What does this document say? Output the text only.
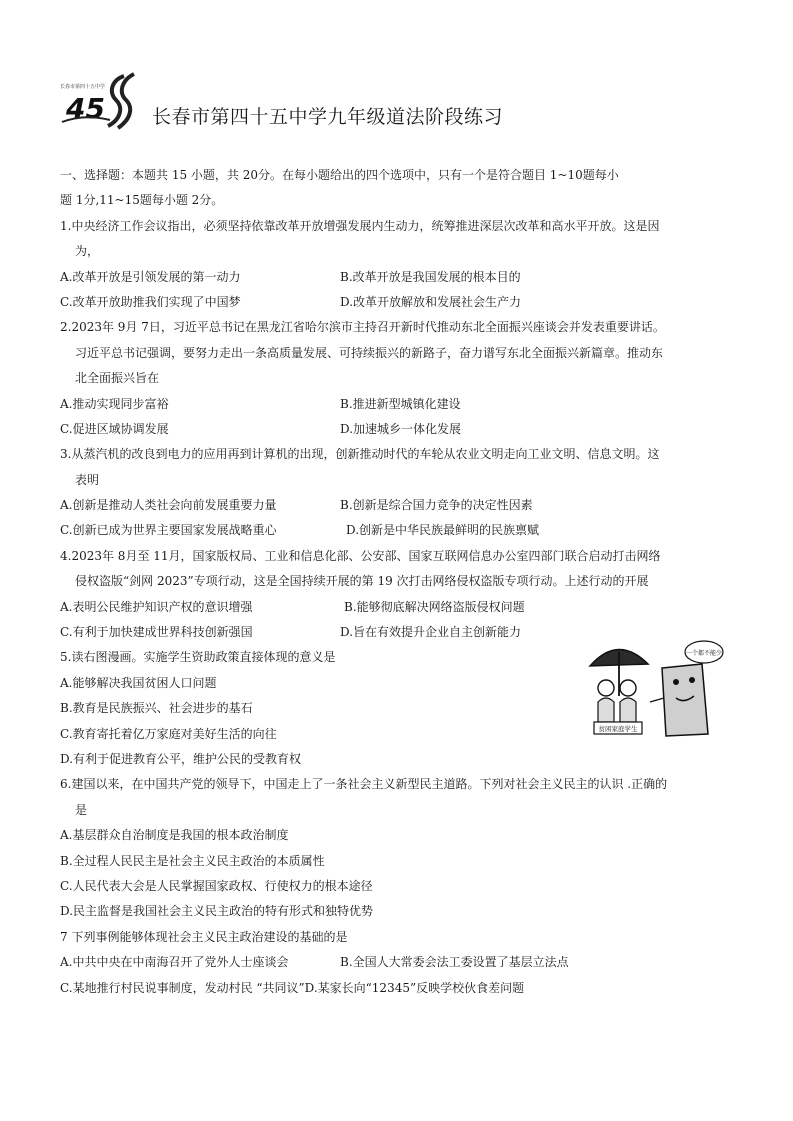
长春市第四十五中学
45 长春市第四十五中学九年级道法阶段练习
一、选择题：本题共 15 小题，共 20分。在每小题给出的四个选项中，只有一个是符合题目 1~10题每小
题 1分,11~15题每小题 2分。
1.中央经济工作会议指出，必须坚持依靠改革开放增强发展内生动力，统筹推进深层次改革和高水平开放。这是因
为，
A.改革开放是引领发展的第一动力	B.改革开放是我国发展的根本目的
C.改革开放助推我们实现了中国梦	D.改革开放解放和发展社会生产力
2.2023年 9月 7日，习近平总书记在黑龙江省哈尔滨市主持召开新时代推动东北全面振兴座谈会并发表重要讲话。
习近平总书记强调，要努力走出一条高质量发展、可持续振兴的新路子，奋力谱写东北全面振兴新篇章。推动东
北全面振兴旨在
A.推动实现同步富裕	B.推进新型城镇化建设
C.促进区域协调发展	D.加速城乡一体化发展
3.从蒸汽机的改良到电力的应用再到计算机的出现，创新推动时代的车轮从农业文明走向工业文明、信息文明。这
表明
A.创新是推动人类社会向前发展重要力量	B.创新是综合国力竞争的决定性因素
C.创新已成为世界主要国家发展战略重心	D.创新是中华民族最鲜明的民族禀赋
4.2023年 8月至 11月，国家版权局、工业和信息化部、公安部、国家互联网信息办公室四部门联合启动打击网络
侵权盗版“剑网 2023”专项行动，这是全国持续开展的第 19 次打击网络侵权盗版专项行动。上述行动的开展
A.表明公民维护知识产权的意识增强	B.能够彻底解决网络盗版侵权问题
C.有利于加快建成世界科技创新强国	D.旨在有效提升企业自主创新能力
5.读右图漫画。实施学生资助政策直接体现的意义是
A.能够解决我国贫困人口问题
B.教育是民族振兴、社会进步的基石
C.教育寄托着亿万家庭对美好生活的向往
D.有利于促进教育公平，维护公民的受教育权
6.建国以来，在中国共产党的领导下，中国走上了一条社会主义新型民主道路。下列对社会主义民主的认识 .正确的
是
A.基层群众自治制度是我国的根本政治制度
B.全过程人民民主是社会主义民主政治的本质属性
C.人民代表大会是人民掌握国家政权、行使权力的根本途径
D.民主监督是我国社会主义民主政治的特有形式和独特优势
7 下列事例能够体现社会主义民主政治建设的基础的是
A.中共中央在中南海召开了党外人士座谈会	B.全国人大常委会法工委设置了基层立法点
C.某地推行村民说事制度，发动村民 “共同议” D.某家长向“12345”反映学校伙食差问题
贫困家庭学生
一个都不能少
